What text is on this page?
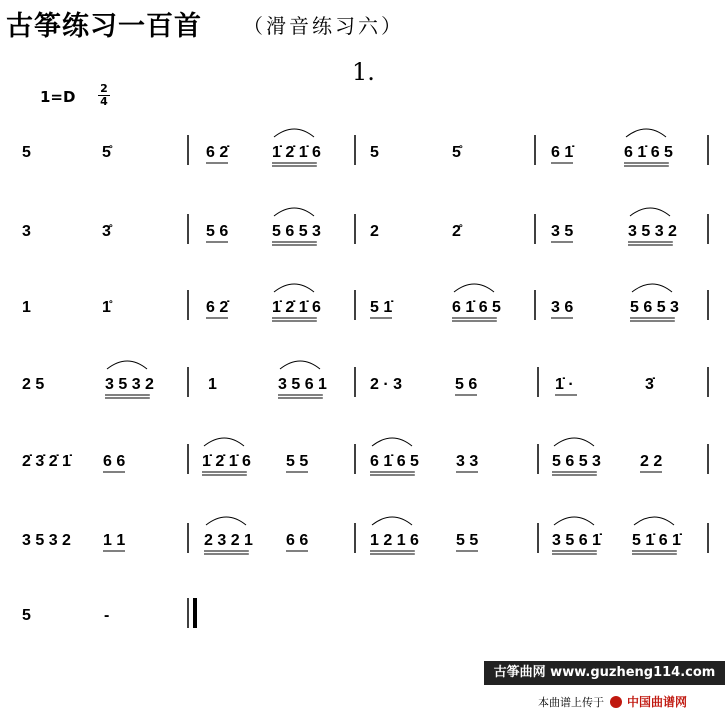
古筝练习一百首 （滑音练习六）
1.
1=D	2
4
5	5̊	6 2̇	1̇ 2̇ 1̇ 6	5	5̊	6 1̇	6 1̇ 6 5
3	3̊	5 6	5 6 5 3	2	2̊	3 5	3 5 3 2
1	1̊	6 2̇	1̇ 2̇ 1̇ 6	5 1̇	6 1̇ 6 5	3 6	5 6 5 3
2 5	3 5 3 2	1	3 5 6 1	2 · 3	5 6	1̇ ·	3̇
2̇ 3̇ 2̇ 1̇ 6 6	1̇ 2̇ 1̇ 6 5 5	6 1̇ 6 5 3 3	5 6 5 3 2 2
3 5 3 2 1 1	2 3 2 1 6 6	1 2 1 6 5 5	3 5 6 1̇ 5 1̇ 6 1̇
5	-
古筝曲网 www.guzheng114.com
本曲谱上传于 中国曲谱网
